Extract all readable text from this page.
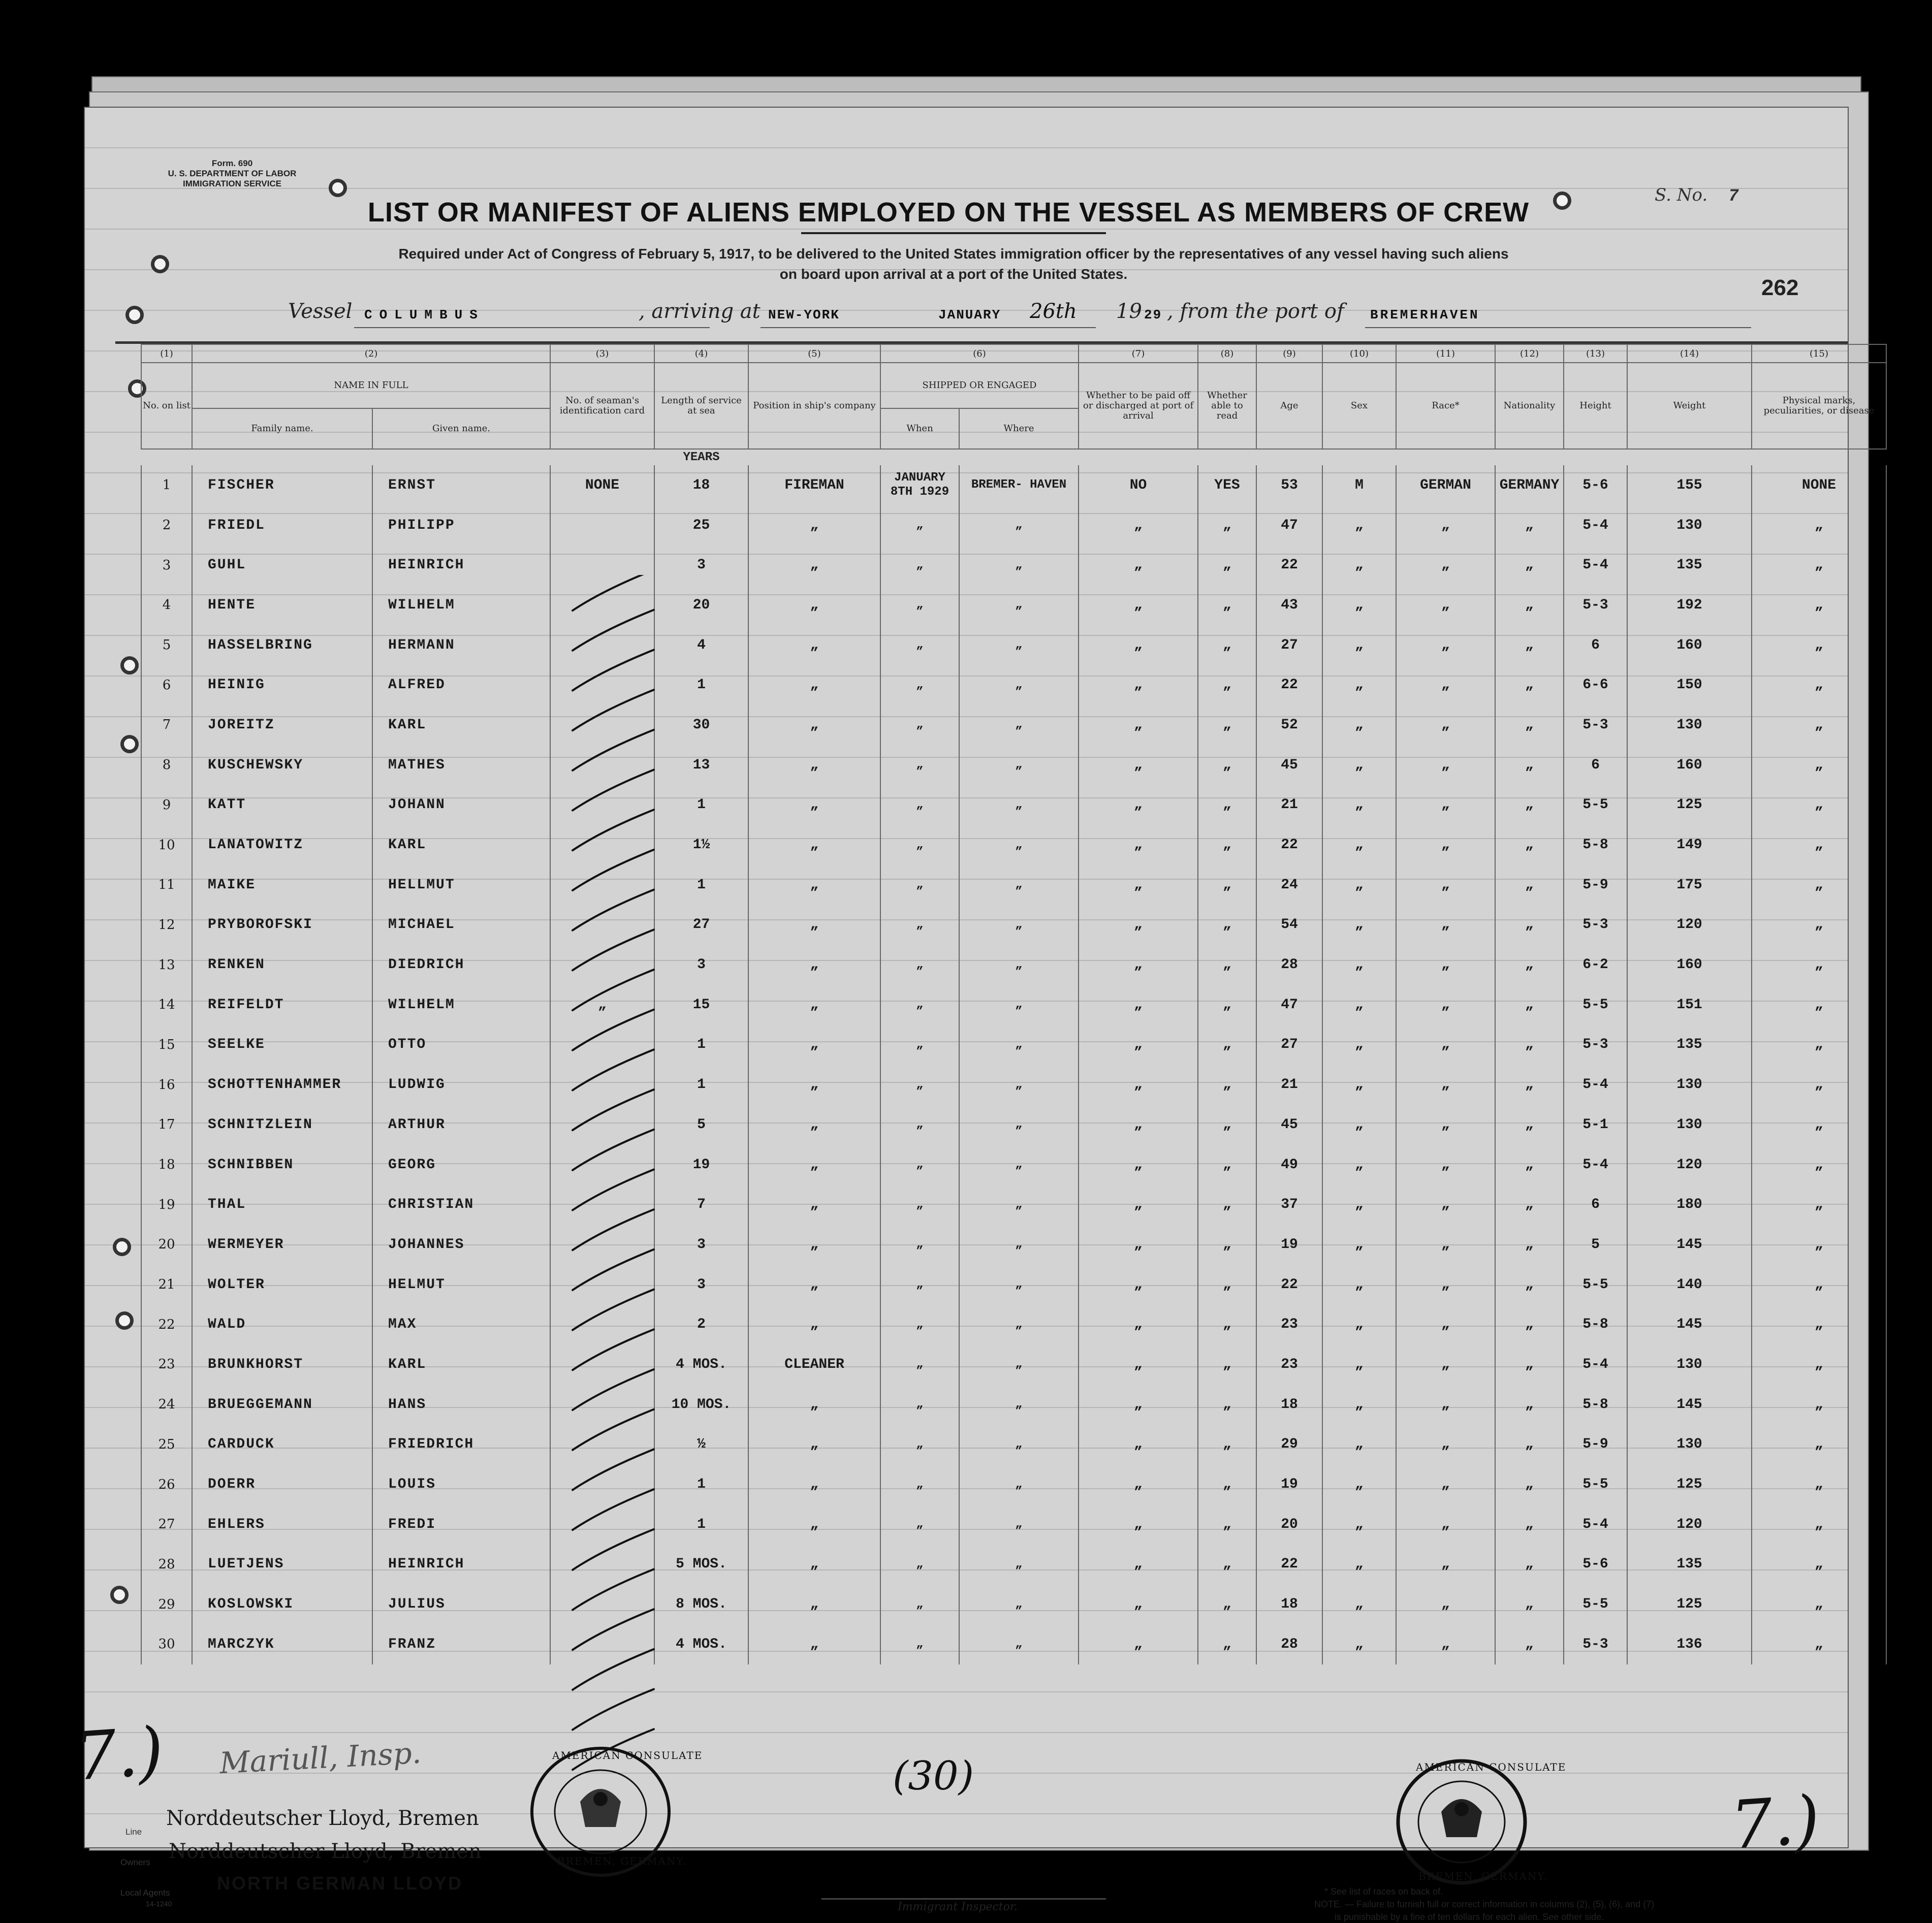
Form. 690
U. S. DEPARTMENT OF LABOR
IMMIGRATION SERVICE
LIST OR MANIFEST OF ALIENS EMPLOYED ON THE VESSEL AS MEMBERS OF CREW
Required under Act of Congress of February 5, 1917, to be delivered to the United States immigration officer by the representatives of any vessel having such aliens
on board upon arrival at a port of the United States.
S. No. 7
262
Vessel COLUMBUS	, arriving at NEW-YORK	JANUARY 26th 19 29 , from the port of BREMERHAVEN
(1)	(2)		(3)	(4)	(5)	(6)		(7)	(8)	(9)	(10)	(11)	(12)	(13)	(14)	(15)	
No. on list	NAME IN FULL		No. of seaman's identification card	Length of service at sea	Position in ship's company	SHIPPED OR ENGAGED		Whether to be paid off or discharged at port of arrival	Whether able to read	Age	Sex	Race*	Nationality	Height	Weight	Physical marks, peculiarities, or disease	
	Family name.	Given name.				When	Where										
				YEARS													
1	FISCHER	ERNST	NONE	18	FIREMAN	JANUARY 8TH 1929	BREMER- HAVEN	NO	YES	53	M	GERMAN	GERMANY	5-6	155	NONE	
2	FRIEDL	PHILIPP		25	„	„	„	„	„	47	„	„	„	5-4	130	„	
3	GUHL	HEINRICH		3	„	„	„	„	„	22	„	„	„	5-4	135	„	
4	HENTE	WILHELM		20	„	„	„	„	„	43	„	„	„	5-3	192	„	
5	HASSELBRING	HERMANN		4	„	„	„	„	„	27	„	„	„	6	160	„	
6	HEINIG	ALFRED		1	„	„	„	„	„	22	„	„	„	6-6	150	„	
7	JOREITZ	KARL		30	„	„	„	„	„	52	„	„	„	5-3	130	„	
8	KUSCHEWSKY	MATHES		13	„	„	„	„	„	45	„	„	„	6	160	„	
9	KATT	JOHANN		1	„	„	„	„	„	21	„	„	„	5-5	125	„	
10	LANATOWITZ	KARL		1½	„	„	„	„	„	22	„	„	„	5-8	149	„	
11	MAIKE	HELLMUT		1	„	„	„	„	„	24	„	„	„	5-9	175	„	
12	PRYBOROFSKI	MICHAEL		27	„	„	„	„	„	54	„	„	„	5-3	120	„	
13	RENKEN	DIEDRICH		3	„	„	„	„	„	28	„	„	„	6-2	160	„	
14	REIFELDT	WILHELM	„	15	„	„	„	„	„	47	„	„	„	5-5	151	„	
15	SEELKE	OTTO		1	„	„	„	„	„	27	„	„	„	5-3	135	„	
16	SCHOTTENHAMMER	LUDWIG		1	„	„	„	„	„	21	„	„	„	5-4	130	„	
17	SCHNITZLEIN	ARTHUR		5	„	„	„	„	„	45	„	„	„	5-1	130	„	
18	SCHNIBBEN	GEORG		19	„	„	„	„	„	49	„	„	„	5-4	120	„	
19	THAL	CHRISTIAN		7	„	„	„	„	„	37	„	„	„	6	180	„	
20	WERMEYER	JOHANNES		3	„	„	„	„	„	19	„	„	„	5	145	„	
21	WOLTER	HELMUT		3	„	„	„	„	„	22	„	„	„	5-5	140	„	
22	WALD	MAX		2	„	„	„	„	„	23	„	„	„	5-8	145	„	
23	BRUNKHORST	KARL		4 MOS.	CLEANER	„	„	„	„	23	„	„	„	5-4	130	„	
24	BRUEGGEMANN	HANS		10 MOS.	„	„	„	„	„	18	„	„	„	5-8	145	„	
25	CARDUCK	FRIEDRICH		½	„	„	„	„	„	29	„	„	„	5-9	130	„	
26	DOERR	LOUIS		1	„	„	„	„	„	19	„	„	„	5-5	125	„	
27	EHLERS	FREDI		1	„	„	„	„	„	20	„	„	„	5-4	120	„	
28	LUETJENS	HEINRICH		5 MOS.	„	„	„	„	„	22	„	„	„	5-6	135	„	
29	KOSLOWSKI	JULIUS		8 MOS.	„	„	„	„	„	18	„	„	„	5-5	125	„	
30	MARCZYK	FRANZ		4 MOS.	„	„	„	„	„	28	„	„	„	5-3	136	„	
7.) Mariull, Insp.
Line
Norddeutscher Lloyd, Bremen
Owners Norddeutscher Lloyd, Bremen
Local Agents
14-1240
NORTH GERMAN LLOYD
AMERICAN CONSULATE
BREMEN, GERMANY.
(30)
Immigrant Inspector.
AMERICAN CONSULATE
BREMEN, GERMANY.
7.)
* See list of races on back of.
NOTE. — Failure to furnish full or correct information in columns (2), (5), (6), and (7)
is punishable by a fine of ten dollars for each alien. See other side.
